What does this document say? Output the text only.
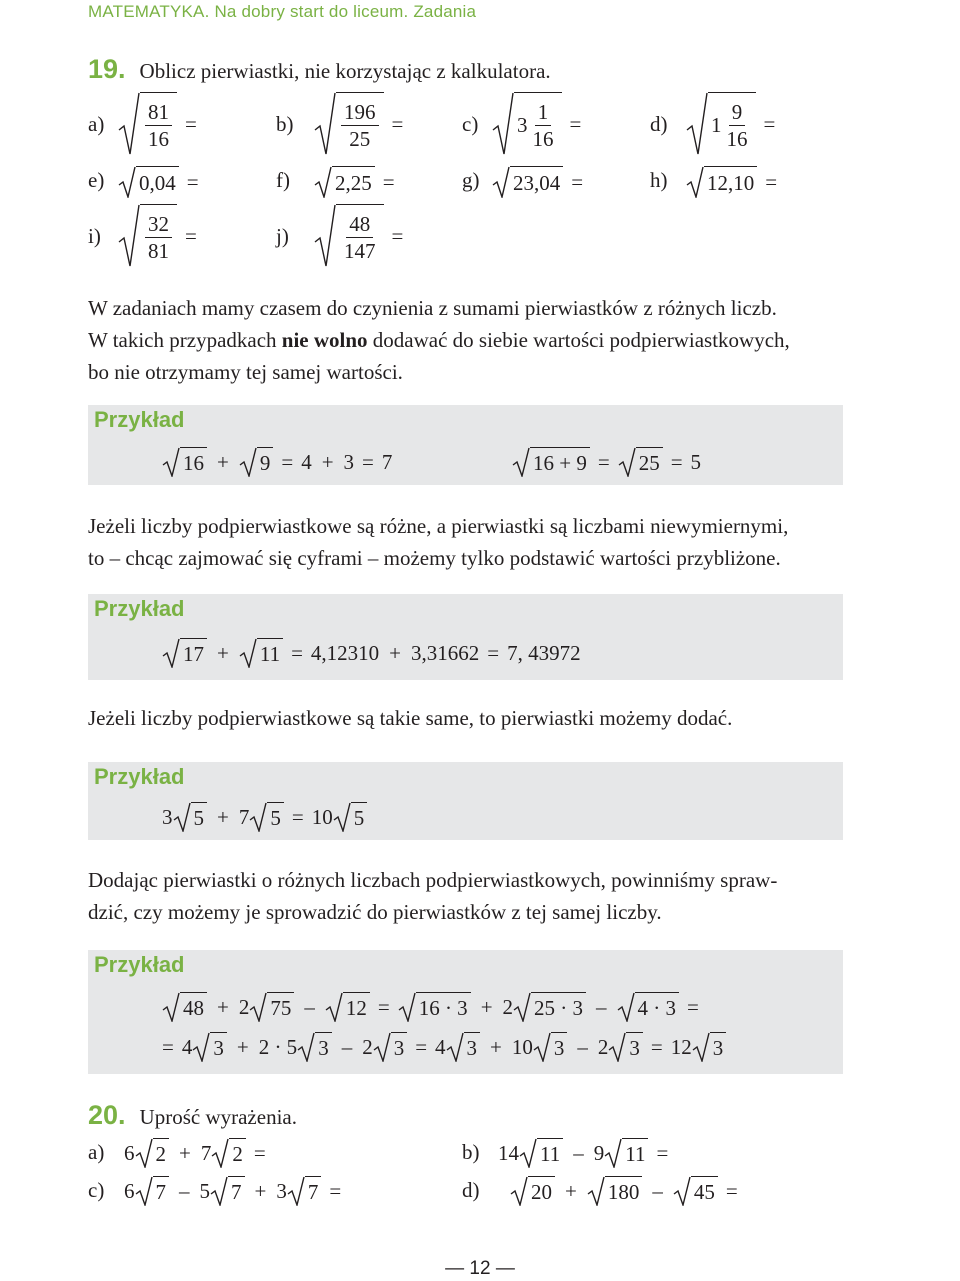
MATEMATYKA. Na dobry start do liceum. Zadania
19. Oblicz pierwiastki, nie korzystając z kalkulatora.
$a) \frac{81}{16}$ =	$b) \frac{196}{25}$ =	c) $3 \frac{1}{16}$ =	d) $1 \frac{9}{16}$ =
e) 0,04 =	f) 2,25 =	g) 23,04 =	h) 12,10 =
$i) \frac{32}{81}$ =	$j) \frac{48}{147}$ =
W zadaniach mamy czasem do czynienia z sumami pierwiastków z różnych liczb.
W takich przypadkach nie wolno dodawać do siebie wartości podpierwiastkowych,
bo nie otrzymamy tej samej wartości.
Przykład
16 + 9 = 4 + 3 = 7	16 + 9 = 25 = 5
Jeżeli liczby podpierwiastkowe są różne, a pierwiastki są liczbami niewymiernymi,
to – chcąc zajmować się cyframi – możemy tylko podstawić wartości przybliżone.
Przykład
17 + 11 = 4,12310 + 3,31662 = 7, 43972
Jeżeli liczby podpierwiastkowe są takie same, to pierwiastki możemy dodać.
Przykład
3 5 + 7 5 = 10 5
Dodając pierwiastki o różnych liczbach podpierwiastkowych, powinniśmy spraw-
dzić, czy możemy je sprowadzić do pierwiastków z tej samej liczby.
Przykład
48 + 2 75 – 12 = 16 · 3 + 2 25 · 3 – 4 · 3 =
= 4 3 + 2 · 5 3 – 2 3 = 4 3 + 10 3 – 2 3 = 12 3
20. Uprość wyrażenia.
a) 6 2 + 7 2 =	b) 14 11 – 9 11 =
c) 6 7 – 5 7 + 3 7 =	d) 20 + 180 – 45 =
— 12 —
